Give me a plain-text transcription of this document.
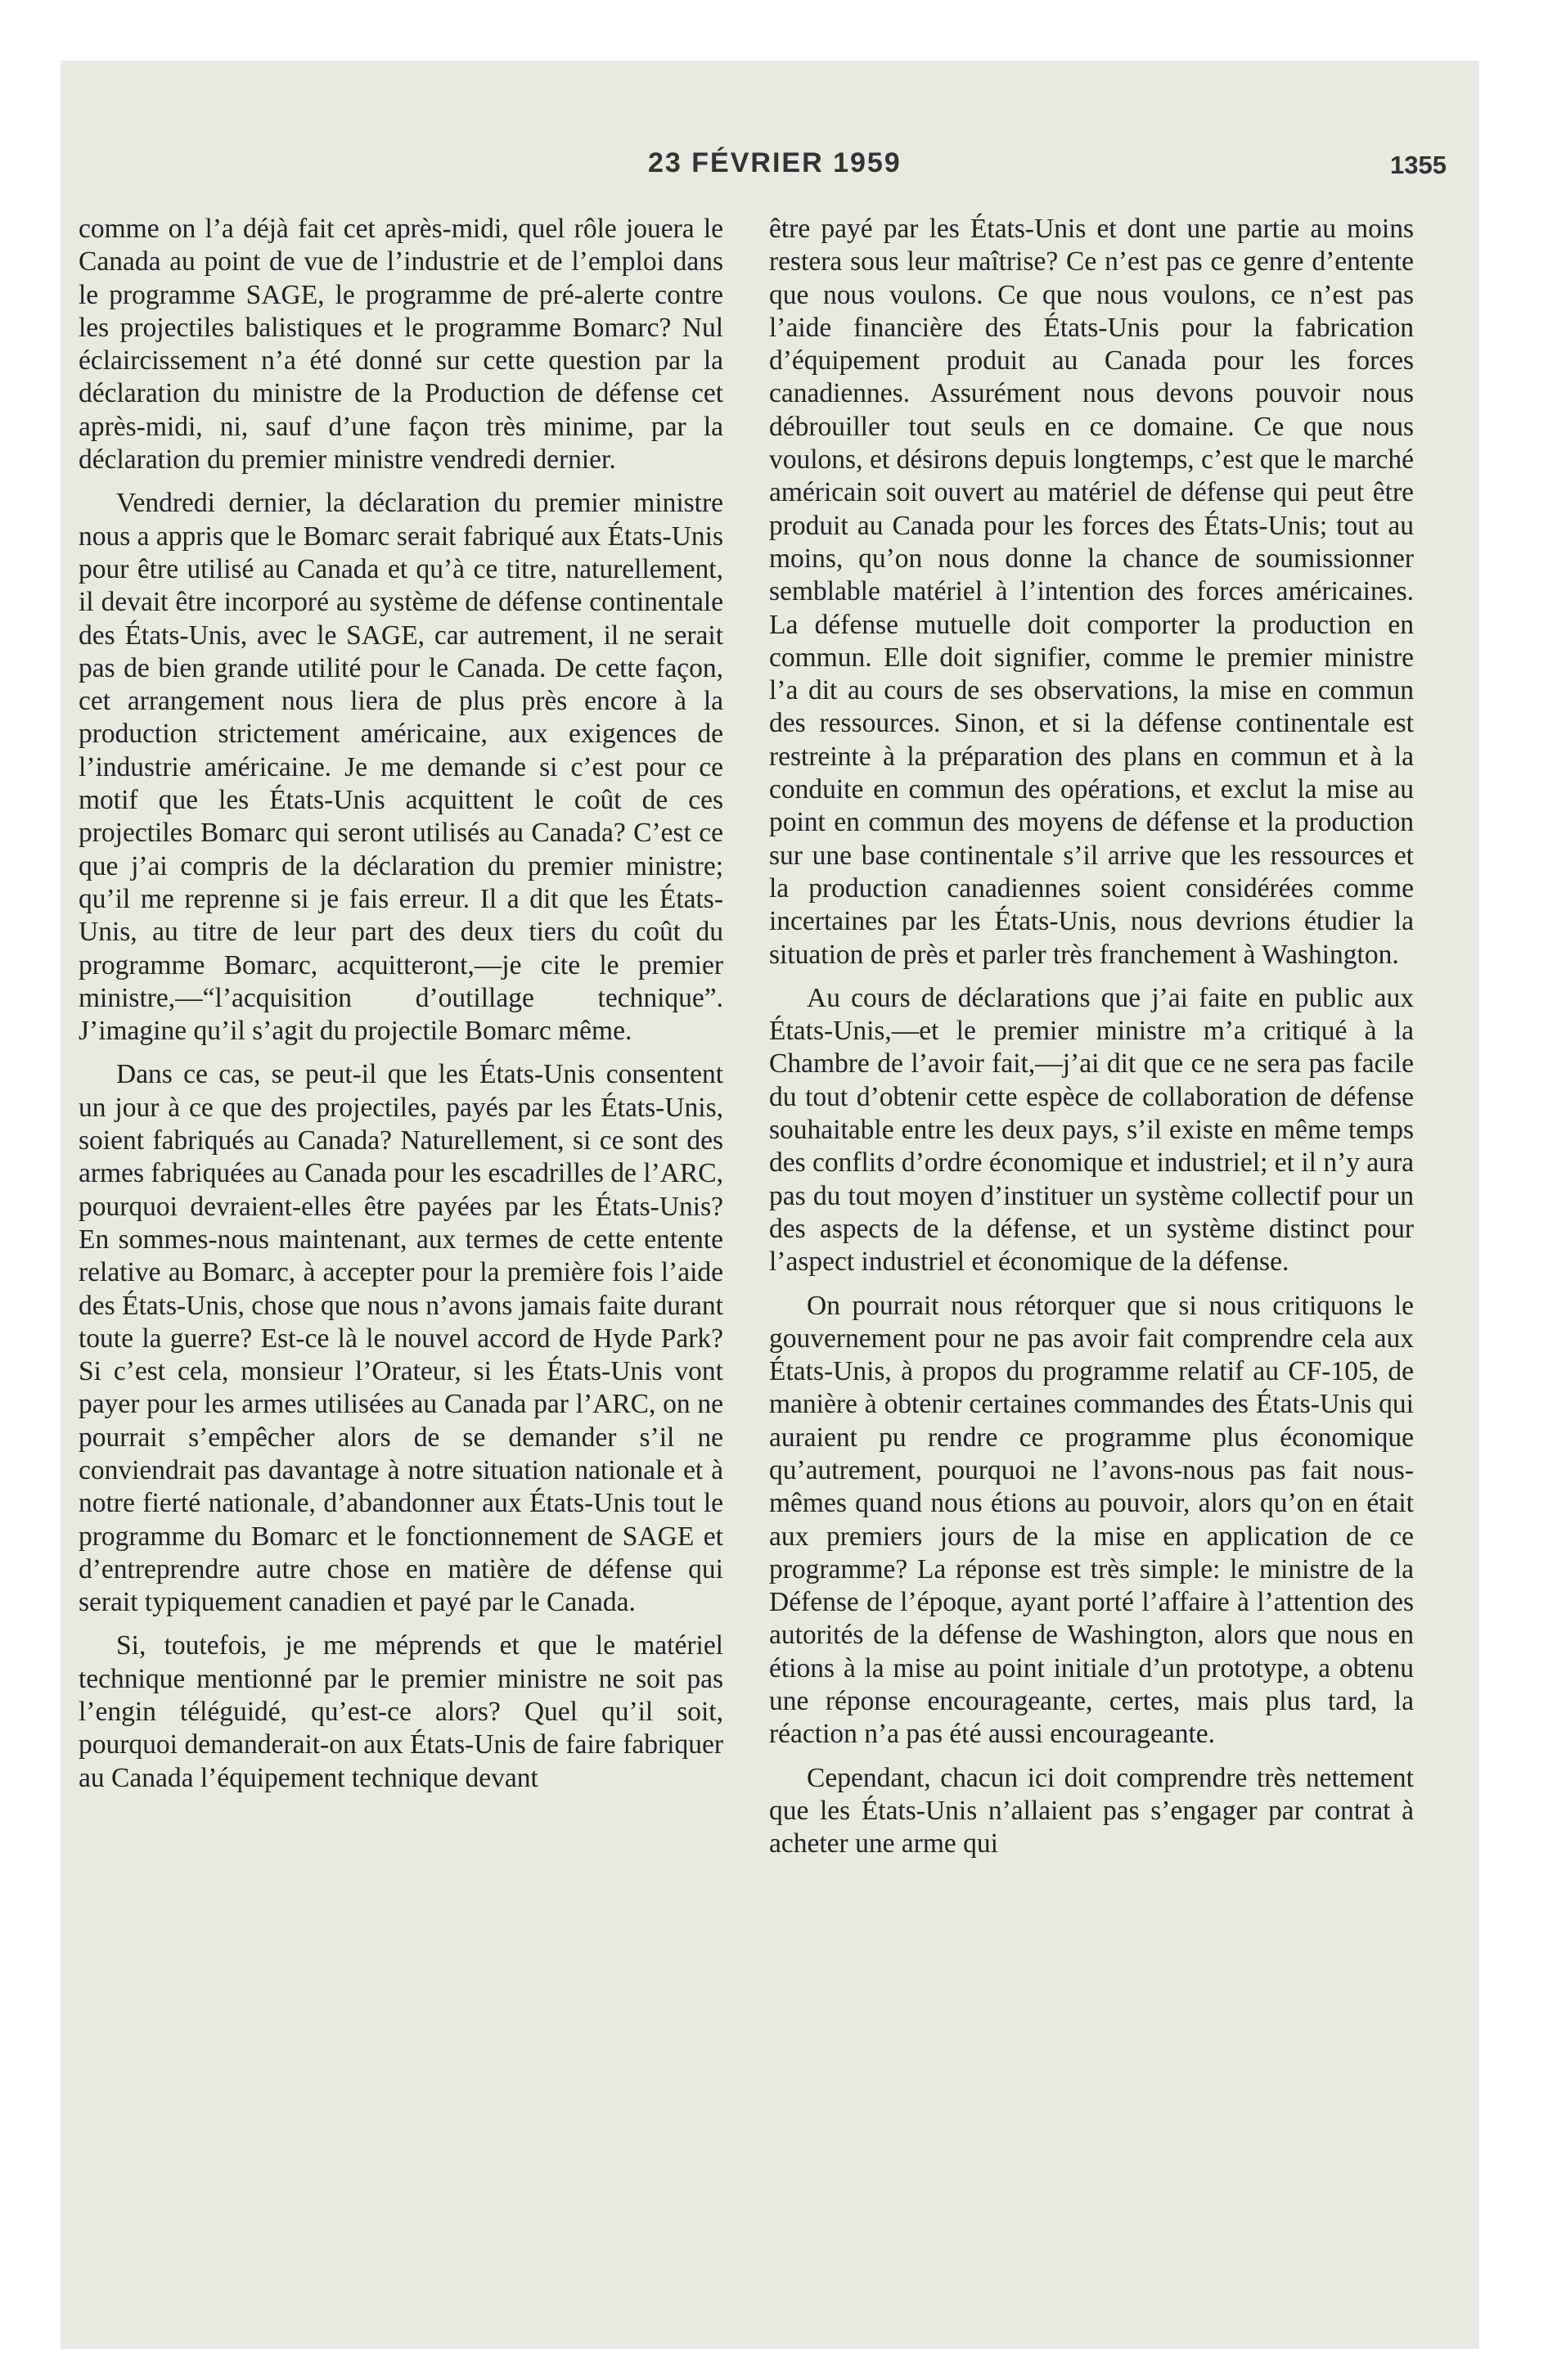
23 FÉVRIER 1959	1355

comme on l’a déjà fait cet après-midi, quel rôle jouera le Canada au point de vue de l’industrie et de l’emploi dans le programme SAGE, le programme de pré-alerte contre les projectiles balistiques et le programme Bomarc? Nul éclaircissement n’a été donné sur cette question par la déclaration du ministre de la Production de défense cet après-midi, ni, sauf d’une façon très minime, par la déclaration du premier ministre vendredi dernier.

Vendredi dernier, la déclaration du premier ministre nous a appris que le Bomarc serait fabriqué aux États-Unis pour être utilisé au Canada et qu’à ce titre, naturellement, il devait être incorporé au système de défense continentale des États-Unis, avec le SAGE, car autrement, il ne serait pas de bien grande utilité pour le Canada. De cette façon, cet arrangement nous liera de plus près encore à la production strictement américaine, aux exigences de l’industrie américaine. Je me demande si c’est pour ce motif que les États-Unis acquittent le coût de ces projectiles Bomarc qui seront utilisés au Canada? C’est ce que j’ai compris de la déclaration du premier ministre; qu’il me reprenne si je fais erreur. Il a dit que les États-Unis, au titre de leur part des deux tiers du coût du programme Bomarc, acquitteront,—je cite le premier ministre,—“l’acquisition d’outillage technique”. J’imagine qu’il s’agit du projectile Bomarc même.

Dans ce cas, se peut-il que les États-Unis consentent un jour à ce que des projectiles, payés par les États-Unis, soient fabriqués au Canada? Naturellement, si ce sont des armes fabriquées au Canada pour les escadrilles de l’ARC, pourquoi devraient-elles être payées par les États-Unis? En sommes-nous maintenant, aux termes de cette entente relative au Bomarc, à accepter pour la première fois l’aide des États-Unis, chose que nous n’avons jamais faite durant toute la guerre? Est-ce là le nouvel accord de Hyde Park? Si c’est cela, monsieur l’Orateur, si les États-Unis vont payer pour les armes utilisées au Canada par l’ARC, on ne pourrait s’empêcher alors de se demander s’il ne conviendrait pas davantage à notre situation nationale et à notre fierté nationale, d’abandonner aux États-Unis tout le programme du Bomarc et le fonctionnement de SAGE et d’entreprendre autre chose en matière de défense qui serait typiquement canadien et payé par le Canada.

Si, toutefois, je me méprends et que le matériel technique mentionné par le premier ministre ne soit pas l’engin téléguidé, qu’est-ce alors? Quel qu’il soit, pourquoi demanderait-on aux États-Unis de faire fabriquer au Canada l’équipement technique devant

être payé par les États-Unis et dont une partie au moins restera sous leur maîtrise? Ce n’est pas ce genre d’entente que nous voulons. Ce que nous voulons, ce n’est pas l’aide financière des États-Unis pour la fabrication d’équipement produit au Canada pour les forces canadiennes. Assurément nous devons pouvoir nous débrouiller tout seuls en ce domaine. Ce que nous voulons, et désirons depuis longtemps, c’est que le marché américain soit ouvert au matériel de défense qui peut être produit au Canada pour les forces des États-Unis; tout au moins, qu’on nous donne la chance de soumissionner semblable matériel à l’intention des forces américaines. La défense mutuelle doit comporter la production en commun. Elle doit signifier, comme le premier ministre l’a dit au cours de ses observations, la mise en commun des ressources. Sinon, et si la défense continentale est restreinte à la préparation des plans en commun et à la conduite en commun des opérations, et exclut la mise au point en commun des moyens de défense et la production sur une base continentale s’il arrive que les ressources et la production canadiennes soient considérées comme incertaines par les États-Unis, nous devrions étudier la situation de près et parler très franchement à Washington.

Au cours de déclarations que j’ai faite en public aux États-Unis,—et le premier ministre m’a critiqué à la Chambre de l’avoir fait,—j’ai dit que ce ne sera pas facile du tout d’obtenir cette espèce de collaboration de défense souhaitable entre les deux pays, s’il existe en même temps des conflits d’ordre économique et industriel; et il n’y aura pas du tout moyen d’instituer un système collectif pour un des aspects de la défense, et un système distinct pour l’aspect industriel et économique de la défense.

On pourrait nous rétorquer que si nous critiquons le gouvernement pour ne pas avoir fait comprendre cela aux États-Unis, à propos du programme relatif au CF-105, de manière à obtenir certaines commandes des États-Unis qui auraient pu rendre ce programme plus économique qu’autrement, pourquoi ne l’avons-nous pas fait nous-mêmes quand nous étions au pouvoir, alors qu’on en était aux premiers jours de la mise en application de ce programme? La réponse est très simple: le ministre de la Défense de l’époque, ayant porté l’affaire à l’attention des autorités de la défense de Washington, alors que nous en étions à la mise au point initiale d’un prototype, a obtenu une réponse encourageante, certes, mais plus tard, la réaction n’a pas été aussi encourageante.

Cependant, chacun ici doit comprendre très nettement que les États-Unis n’allaient pas s’engager par contrat à acheter une arme qui
